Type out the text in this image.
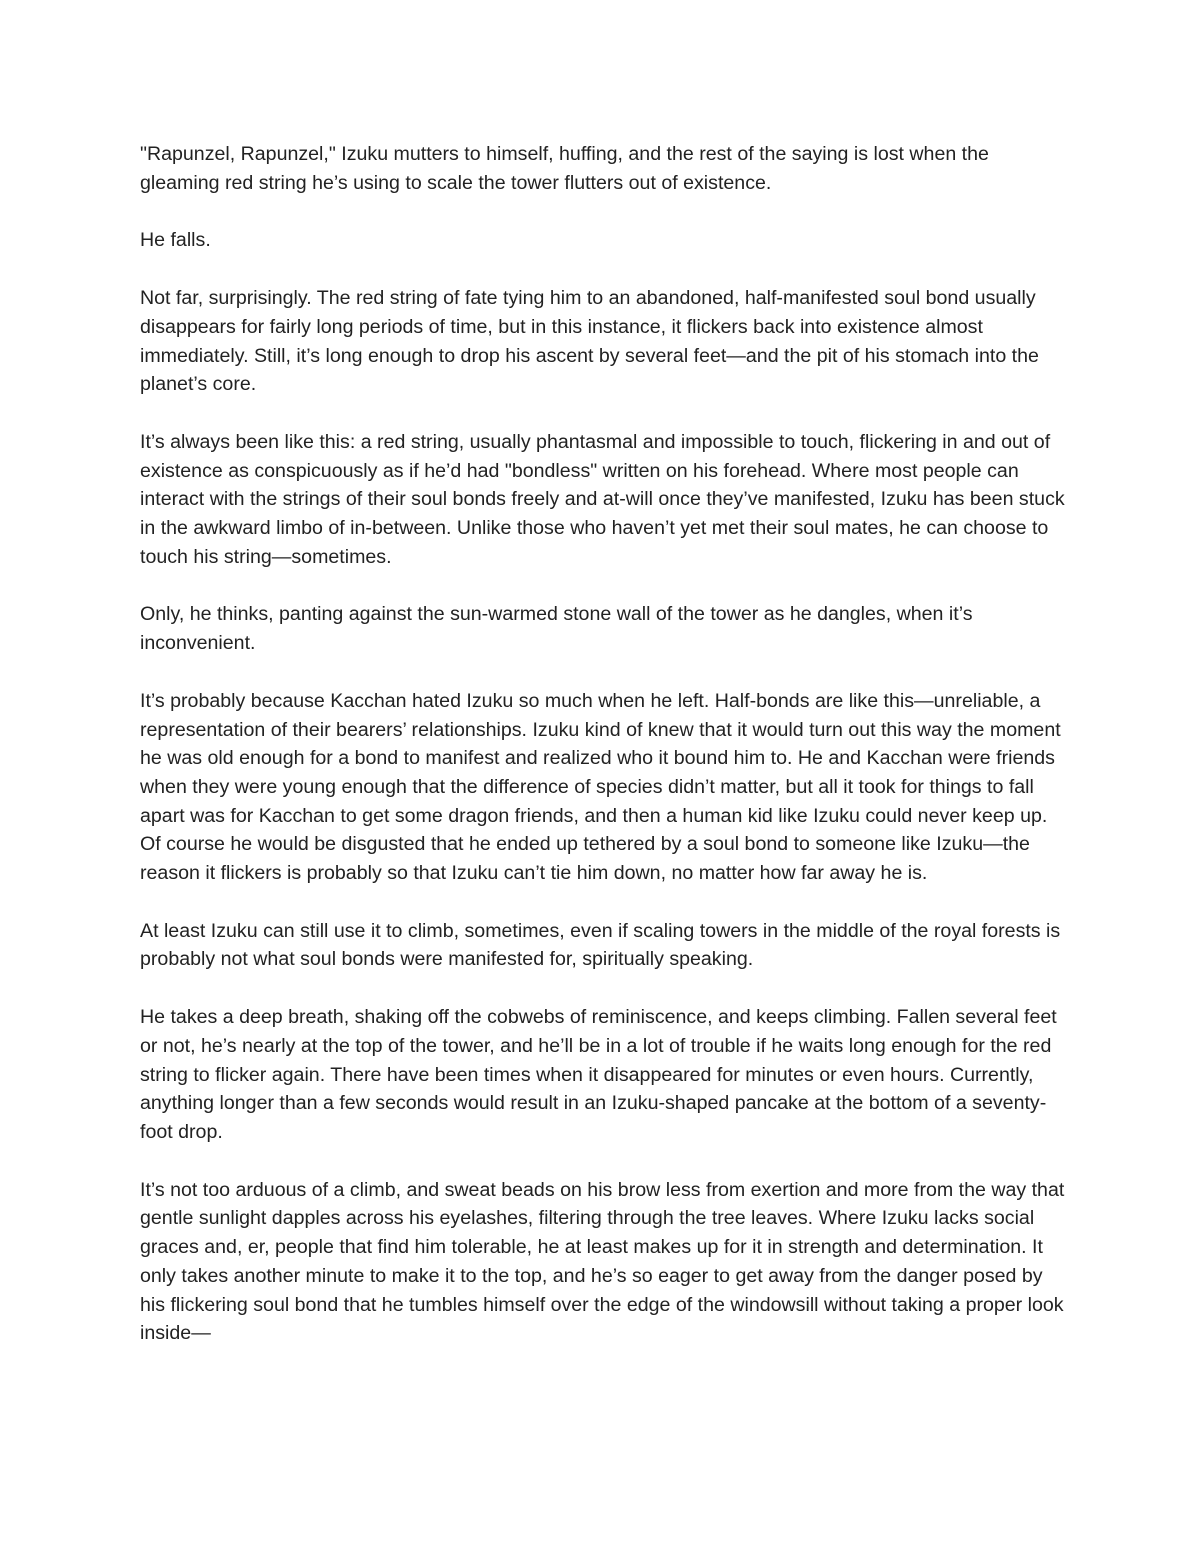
"Rapunzel, Rapunzel," Izuku mutters to himself, huffing, and the rest of the saying is lost when the gleaming red string he’s using to scale the tower flutters out of existence.

He falls.

Not far, surprisingly. The red string of fate tying him to an abandoned, half-manifested soul bond usually disappears for fairly long periods of time, but in this instance, it flickers back into existence almost immediately. Still, it’s long enough to drop his ascent by several feet—and the pit of his stomach into the planet’s core.

It’s always been like this: a red string, usually phantasmal and impossible to touch, flickering in and out of existence as conspicuously as if he’d had "bondless" written on his forehead. Where most people can interact with the strings of their soul bonds freely and at-will once they’ve manifested, Izuku has been stuck in the awkward limbo of in-between. Unlike those who haven’t yet met their soul mates, he can choose to touch his string—sometimes.

Only, he thinks, panting against the sun-warmed stone wall of the tower as he dangles, when it’s inconvenient.

It’s probably because Kacchan hated Izuku so much when he left. Half-bonds are like this—unreliable, a representation of their bearers’ relationships. Izuku kind of knew that it would turn out this way the moment he was old enough for a bond to manifest and realized who it bound him to. He and Kacchan were friends when they were young enough that the difference of species didn’t matter, but all it took for things to fall apart was for Kacchan to get some dragon friends, and then a human kid like Izuku could never keep up. Of course he would be disgusted that he ended up tethered by a soul bond to someone like Izuku—the reason it flickers is probably so that Izuku can’t tie him down, no matter how far away he is.

At least Izuku can still use it to climb, sometimes, even if scaling towers in the middle of the royal forests is probably not what soul bonds were manifested for, spiritually speaking.

He takes a deep breath, shaking off the cobwebs of reminiscence, and keeps climbing. Fallen several feet or not, he’s nearly at the top of the tower, and he’ll be in a lot of trouble if he waits long enough for the red string to flicker again. There have been times when it disappeared for minutes or even hours. Currently, anything longer than a few seconds would result in an Izuku-shaped pancake at the bottom of a seventy-foot drop.

It’s not too arduous of a climb, and sweat beads on his brow less from exertion and more from the way that gentle sunlight dapples across his eyelashes, filtering through the tree leaves. Where Izuku lacks social graces and, er, people that find him tolerable, he at least makes up for it in strength and determination. It only takes another minute to make it to the top, and he’s so eager to get away from the danger posed by his flickering soul bond that he tumbles himself over the edge of the windowsill without taking a proper look inside—
